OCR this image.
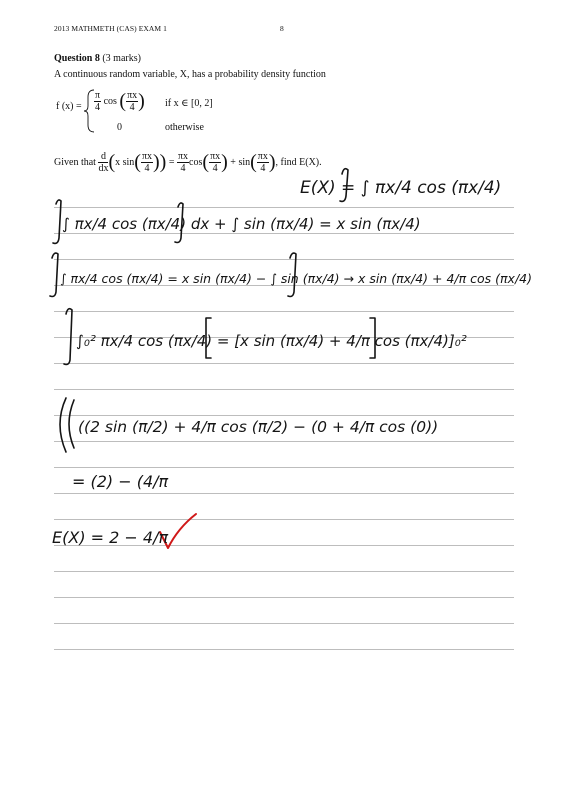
2013 MATHMETH (CAS) EXAM 1	8
Question 8 (3 marks)
A continuous random variable, X, has a probability density function
f $(x) = \frac{\pi}{4}$ cos ( $\frac{\pi x}{4}$ ) if x ∈ [0, 2]
0	otherwise
Given that $\frac{d}{dx} (x$ $\sin( \frac{\pi x}{4}$ )) = $\frac{\pi x}{4} \cos( \frac{\pi x}{4}$ ) + $\sin( \frac{\pi x}{4}$ ), find E(X).
E(X) = ∫ πx/4 cos (πx/4)
∫ πx/4 cos (πx/4) dx + ∫ sin (πx/4) = x sin (πx/4)
∫ πx/4 cos (πx/4) = x sin (πx/4) − ∫ sin (πx/4) → x sin (πx/4) + 4/π cos (πx/4)
∫₀² πx/4 cos (πx/4) = [x sin (πx/4) + 4/π cos (πx/4)]₀²
((2 sin (π/2) + 4/π cos (π/2) − (0 + 4/π cos (0))
= (2) − (4/π
E(X) = 2 − 4/π
